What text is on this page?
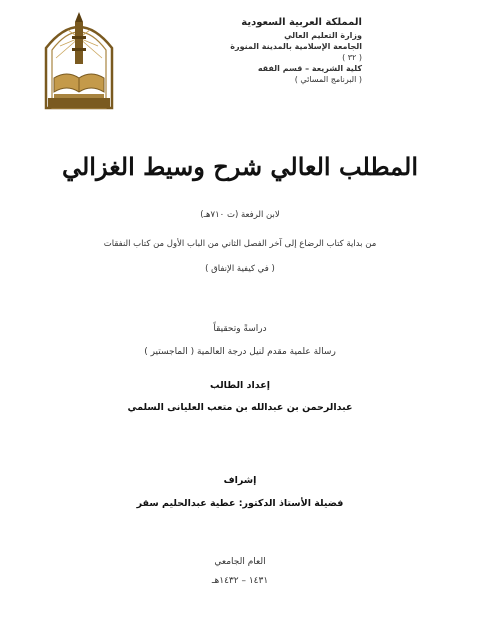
المملكة العربية السعودية
وزارة التعليم العالي
الجامعة الإسلامية بالمدينة المنورة
( ٣٢ )
كلية الشريعة – قسم الفقه
( البرنامج المسائي )
المطلب العالي شرح وسيط الغزالي
لابن الرفعة (ت ٧١٠هـ)
من بداية كتاب الرضاع إلى آخر الفصل الثاني من الباب الأول من كتاب النفقات
( في كيفية الإنفاق )
دراسةً وتحقيقاً
رسالة علمية مقدم لنيل درجة العالمية ( الماجستير )
إعداد الطالب
عبدالرحمن بن عبدالله بن متعب العليانى السلمي
إشراف
فضيلة الأستاذ الدكتور: عطية عبدالحليم سقر
العام الجامعي
١٤٣١ – ١٤٣٢هـ
